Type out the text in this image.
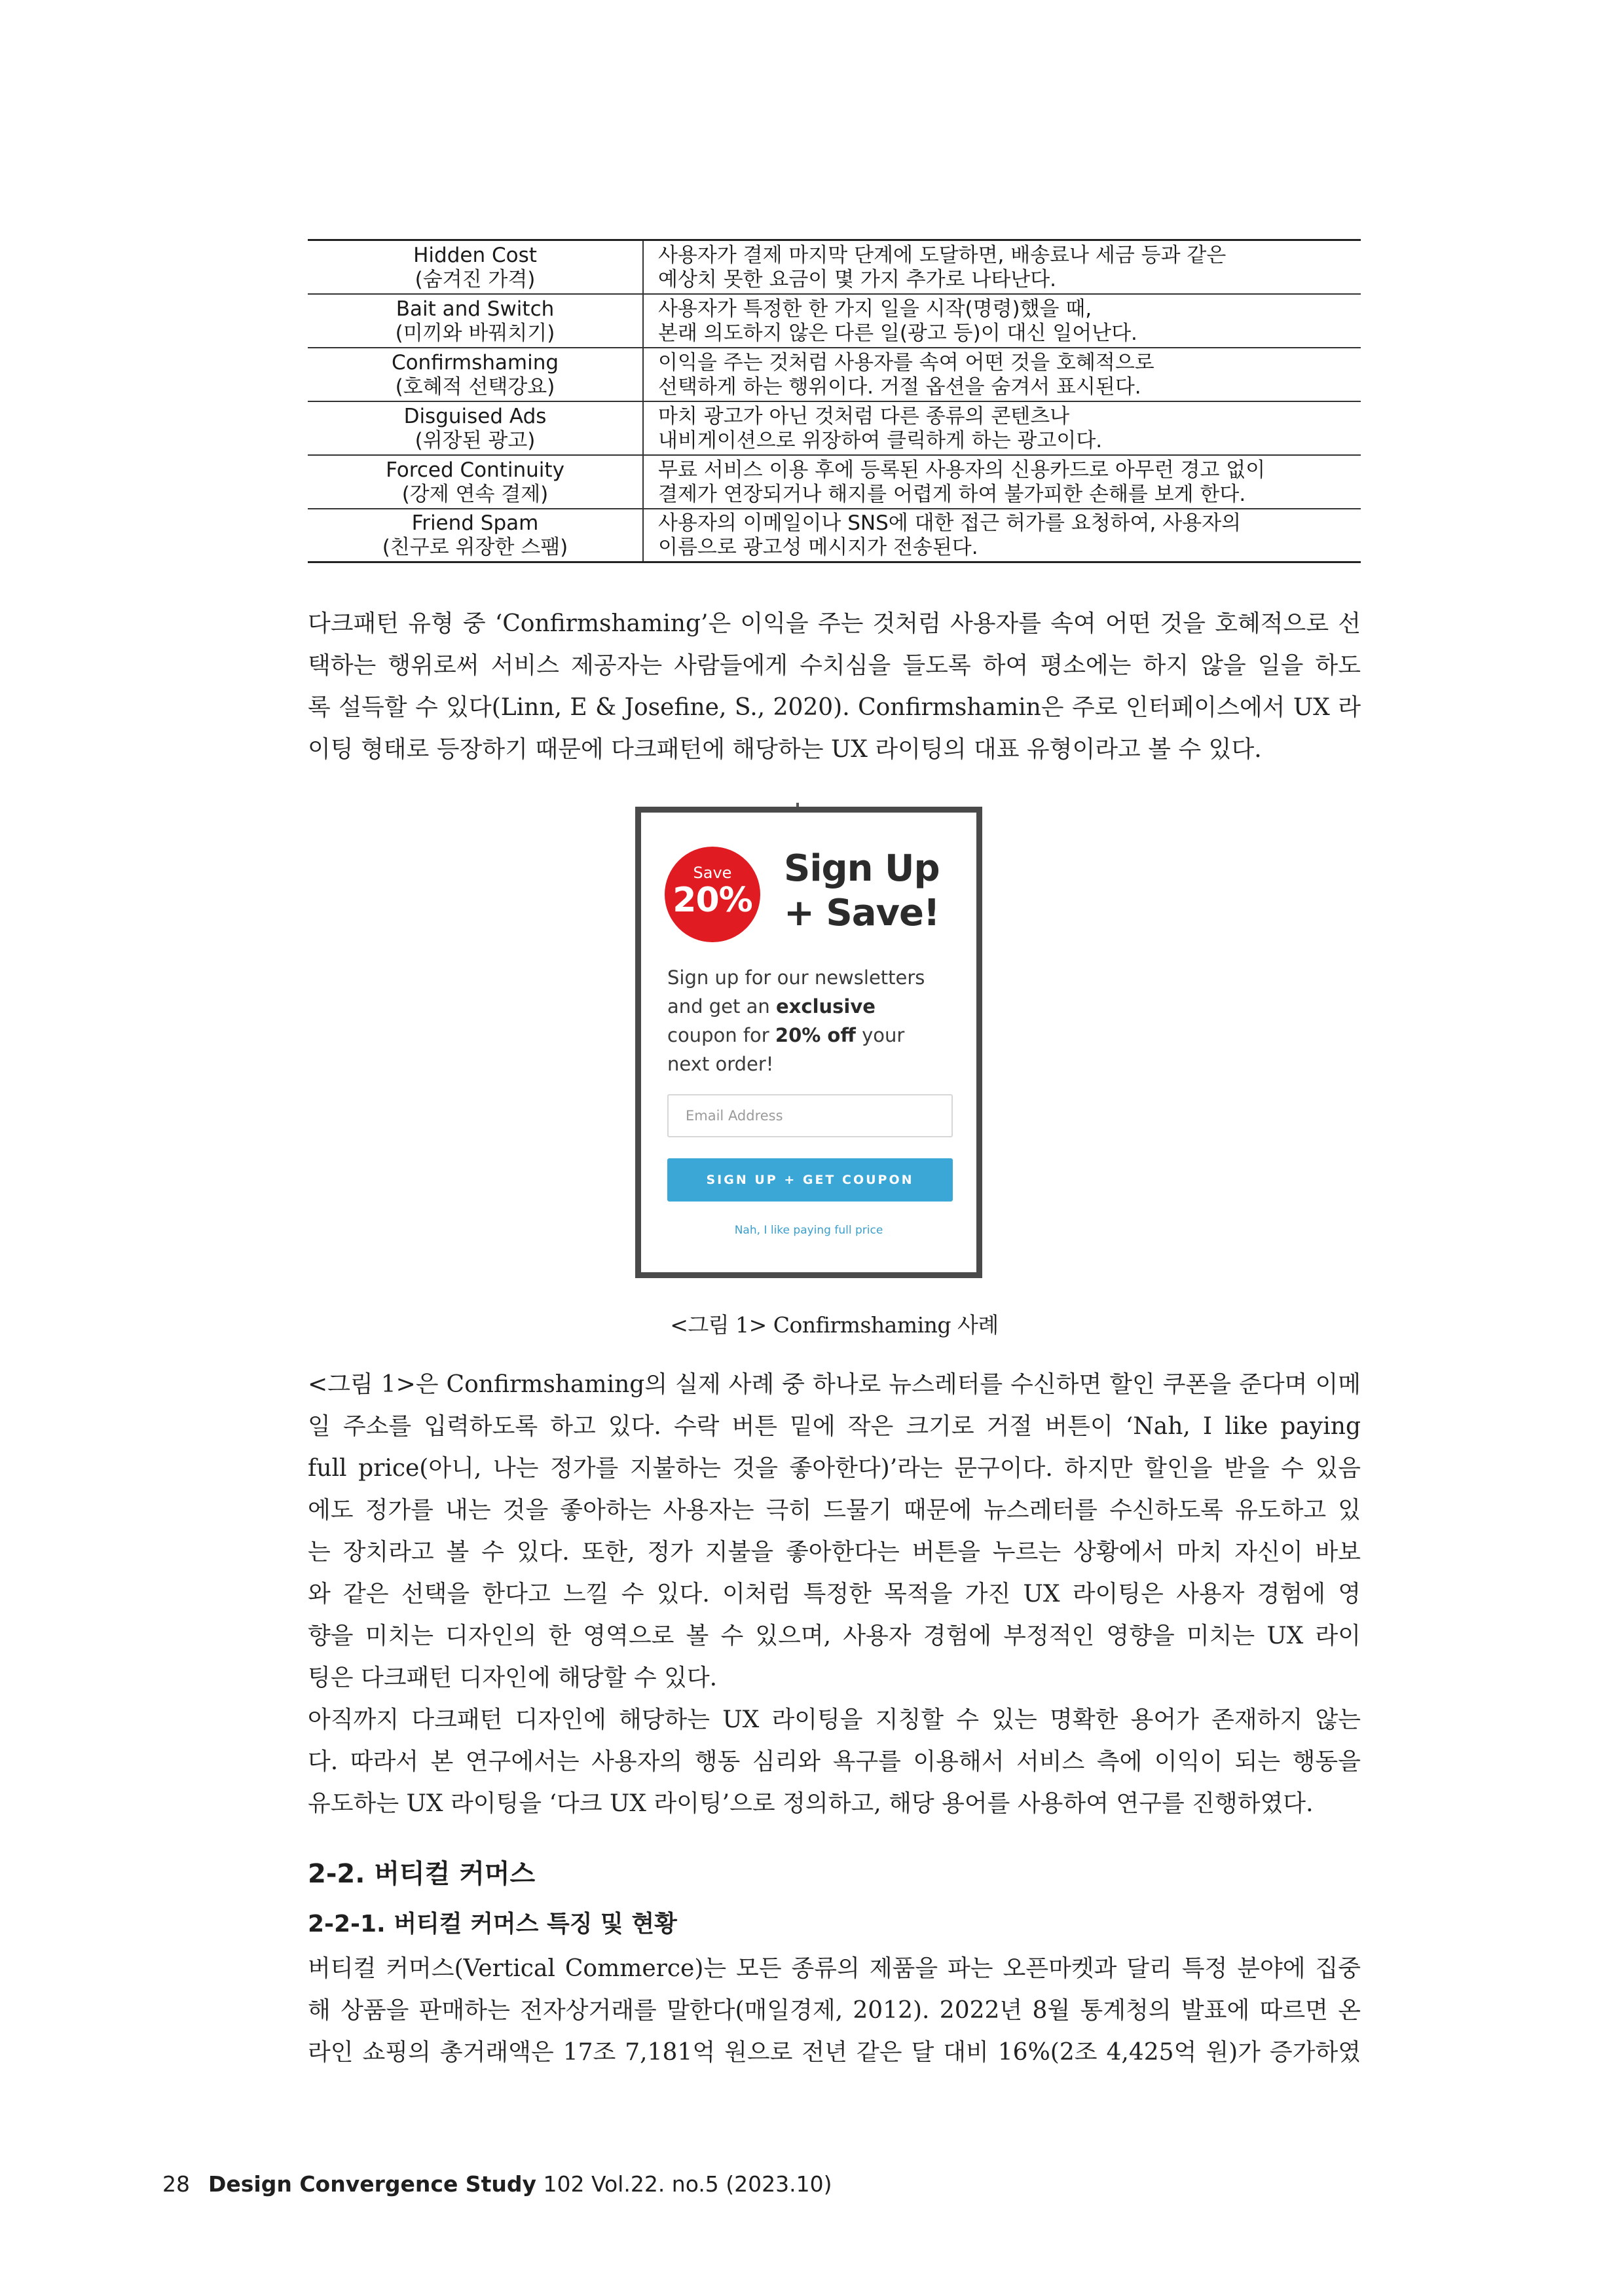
Hidden Cost
(숨겨진 가격)	사용자가 결제 마지막 단계에 도달하면, 배송료나 세금 등과 같은
예상치 못한 요금이 몇 가지 추가로 나타난다.

Bait and Switch
(미끼와 바꿔치기)	사용자가 특정한 한 가지 일을 시작(명령)했을 때,
본래 의도하지 않은 다른 일(광고 등)이 대신 일어난다.

Confirmshaming
(호혜적 선택강요)	이익을 주는 것처럼 사용자를 속여 어떤 것을 호혜적으로
선택하게 하는 행위이다. 거절 옵션을 숨겨서 표시된다.

Disguised Ads
(위장된 광고)	마치 광고가 아닌 것처럼 다른 종류의 콘텐츠나
내비게이션으로 위장하여 클릭하게 하는 광고이다.

Forced Continuity
(강제 연속 결제)	무료 서비스 이용 후에 등록된 사용자의 신용카드로 아무런 경고 없이
결제가 연장되거나 해지를 어렵게 하여 불가피한 손해를 보게 한다.

Friend Spam
(친구로 위장한 스팸)	사용자의 이메일이나 SNS에 대한 접근 허가를 요청하여, 사용자의
이름으로 광고성 메시지가 전송된다.
다크패턴 유형 중 ‘Confirmshaming’은 이익을 주는 것처럼 사용자를 속여 어떤 것을 호혜적으로 선
택하는 행위로써 서비스 제공자는 사람들에게 수치심을 들도록 하여 평소에는 하지 않을 일을 하도
록 설득할 수 있다(Linn, E & Josefine, S., 2020). Confirmshamin은 주로 인터페이스에서 UX 라
이팅 형태로 등장하기 때문에 다크패턴에 해당하는 UX 라이팅의 대표 유형이라고 볼 수 있다.
Save
20%
Sign Up
+ Save!
Sign up for our newsletters
and get an exclusive
coupon for 20% off your
next order!
Email Address
SIGN UP + GET COUPON
Nah, I like paying full price
<그림 1> Confirmshaming 사례
<그림 1>은 Confirmshaming의 실제 사례 중 하나로 뉴스레터를 수신하면 할인 쿠폰을 준다며 이메
일 주소를 입력하도록 하고 있다. 수락 버튼 밑에 작은 크기로 거절 버튼이 ‘Nah, I like paying
full price(아니, 나는 정가를 지불하는 것을 좋아한다)’라는 문구이다. 하지만 할인을 받을 수 있음
에도 정가를 내는 것을 좋아하는 사용자는 극히 드물기 때문에 뉴스레터를 수신하도록 유도하고 있
는 장치라고 볼 수 있다. 또한, 정가 지불을 좋아한다는 버튼을 누르는 상황에서 마치 자신이 바보
와 같은 선택을 한다고 느낄 수 있다. 이처럼 특정한 목적을 가진 UX 라이팅은 사용자 경험에 영
향을 미치는 디자인의 한 영역으로 볼 수 있으며, 사용자 경험에 부정적인 영향을 미치는 UX 라이
팅은 다크패턴 디자인에 해당할 수 있다.
아직까지 다크패턴 디자인에 해당하는 UX 라이팅을 지칭할 수 있는 명확한 용어가 존재하지 않는
다. 따라서 본 연구에서는 사용자의 행동 심리와 욕구를 이용해서 서비스 측에 이익이 되는 행동을
유도하는 UX 라이팅을 ‘다크 UX 라이팅’으로 정의하고, 해당 용어를 사용하여 연구를 진행하였다.
2-2. 버티컬 커머스
2-2-1. 버티컬 커머스 특징 및 현황
버티컬 커머스(Vertical Commerce)는 모든 종류의 제품을 파는 오픈마켓과 달리 특정 분야에 집중
해 상품을 판매하는 전자상거래를 말한다(매일경제, 2012). 2022년 8월 통계청의 발표에 따르면 온
라인 쇼핑의 총거래액은 17조 7,181억 원으로 전년 같은 달 대비 16%(2조 4,425억 원)가 증가하였
28 Design Convergence Study 102 Vol.22. no.5 (2023.10)
